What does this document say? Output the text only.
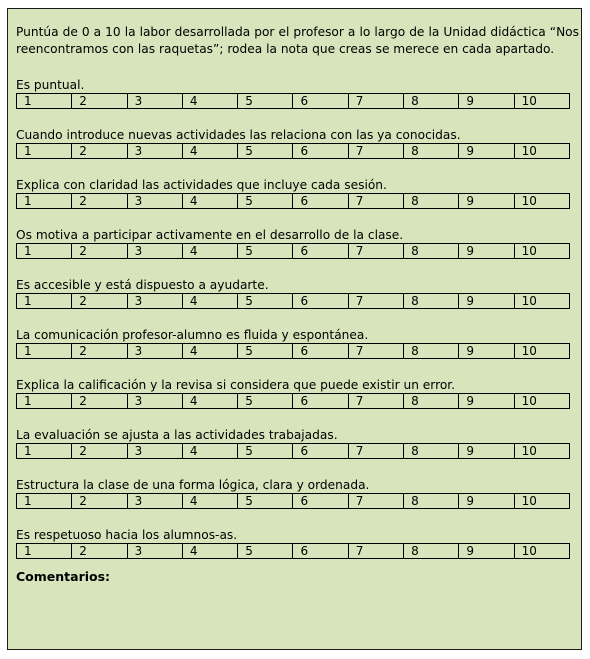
Puntúa de 0 a 10 la labor desarrollada por el profesor a lo largo de la Unidad didáctica “Nos reencontramos con las raquetas”; rodea la nota que creas se merece en cada apartado.
Es puntual.
1	2	3	4	5	6	7	8	9	10
Cuando introduce nuevas actividades las relaciona con las ya conocidas.
1	2	3	4	5	6	7	8	9	10
Explica con claridad las actividades que incluye cada sesión.
1	2	3	4	5	6	7	8	9	10
Os motiva a participar activamente en el desarrollo de la clase.
1	2	3	4	5	6	7	8	9	10
Es accesible y está dispuesto a ayudarte.
1	2	3	4	5	6	7	8	9	10
La comunicación profesor-alumno es fluida y espontánea.
1	2	3	4	5	6	7	8	9	10
Explica la calificación y la revisa si considera que puede existir un error.
1	2	3	4	5	6	7	8	9	10
La evaluación se ajusta a las actividades trabajadas.
1	2	3	4	5	6	7	8	9	10
Estructura la clase de una forma lógica, clara y ordenada.
1	2	3	4	5	6	7	8	9	10
Es respetuoso hacia los alumnos-as.
1	2	3	4	5	6	7	8	9	10
Comentarios:
